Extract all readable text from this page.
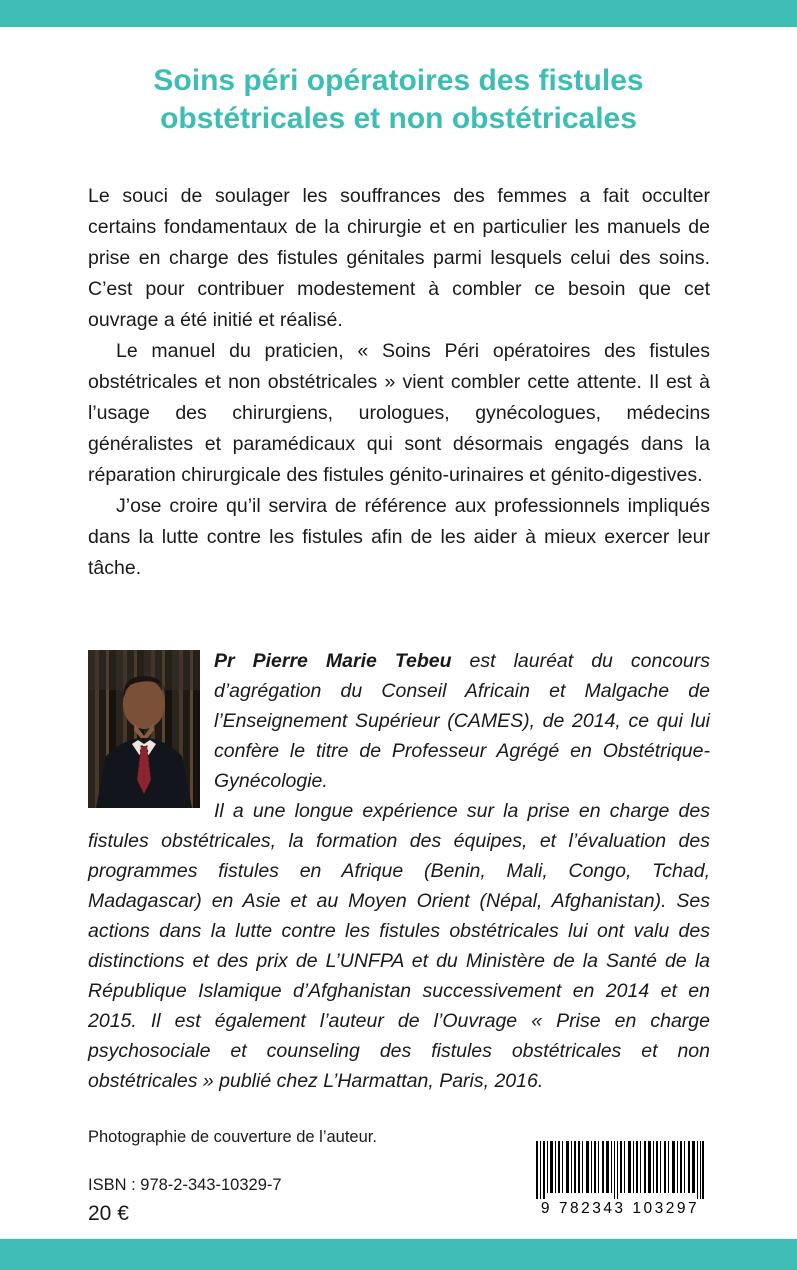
Soins péri opératoires des fistules
obstétricales et non obstétricales

Le souci de soulager les souffrances des femmes a fait occulter certains fondamentaux de la chirurgie et en particulier les manuels de prise en charge des fistules génitales parmi lesquels celui des soins. C’est pour contribuer modestement à combler ce besoin que cet ouvrage a été initié et réalisé.

Le manuel du praticien, « Soins Péri opératoires des fistules obstétricales et non obstétricales » vient combler cette attente. Il est à l’usage des chirurgiens, urologues, gynécologues, médecins généralistes et paramédicaux qui sont désormais engagés dans la réparation chirurgicale des fistules génito-urinaires et génito-digestives.

J’ose croire qu’il servira de référence aux professionnels impliqués dans la lutte contre les fistules afin de les aider à mieux exercer leur tâche.

Pr Pierre Marie Tebeu est lauréat du concours d’agrégation du Conseil Africain et Malgache de l’Enseignement Supérieur (CAMES), de 2014, ce qui lui confère le titre de Professeur Agrégé en Obstétrique-Gynécologie.

Il a une longue expérience sur la prise en charge des fistules obstétricales, la formation des équipes, et l’évaluation des programmes fistules en Afrique (Benin, Mali, Congo, Tchad, Madagascar) en Asie et au Moyen Orient (Népal, Afghanistan). Ses actions dans la lutte contre les fistules obstétricales lui ont valu des distinctions et des prix de L’UNFPA et du Ministère de la Santé de la République Islamique d’Afghanistan successivement en 2014 et en 2015. Il est également l’auteur de l’Ouvrage « Prise en charge psychosociale et counseling des fistules obstétricales et non obstétricales » publié chez L’Harmattan, Paris, 2016.

Photographie de couverture de l’auteur.
ISBN : 978-2-343-10329-7
20 €	9 782343 103297
